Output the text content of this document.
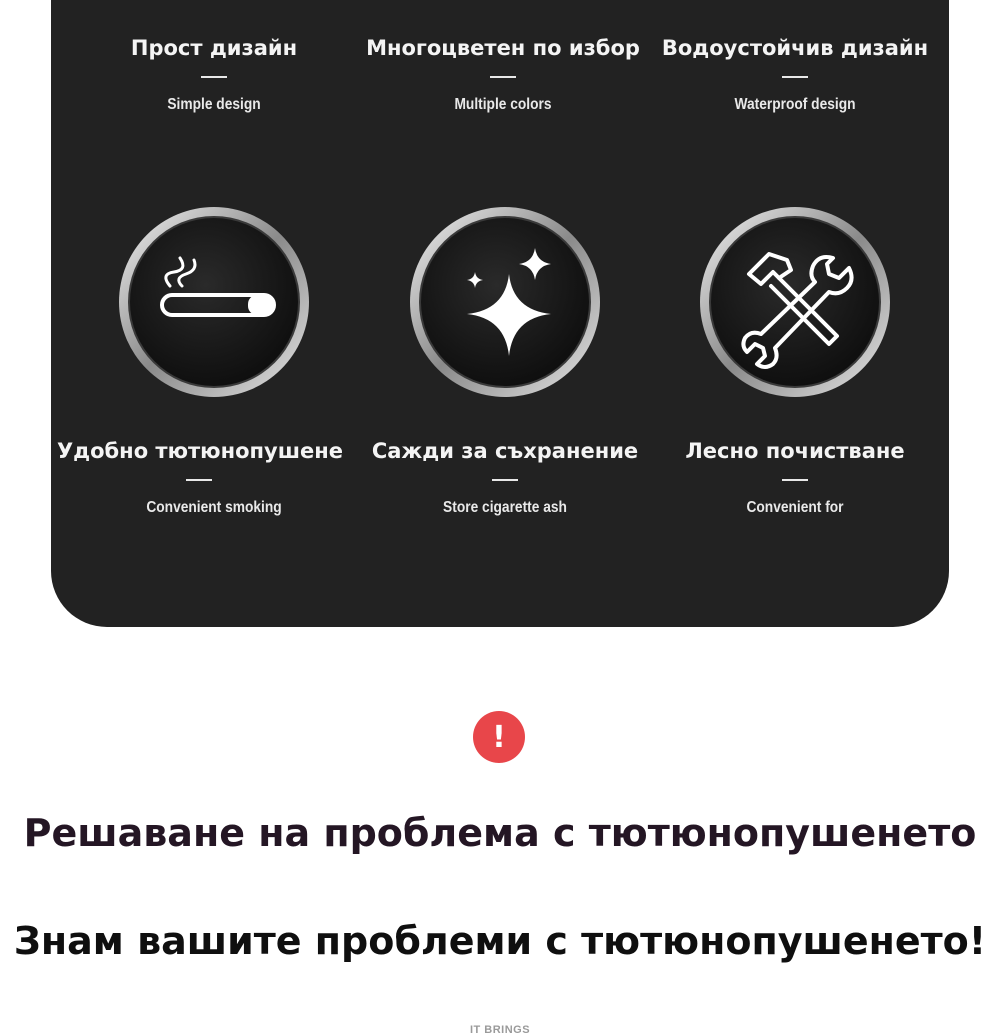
Прост дизайн
Simple design
Многоцветен по избор
Multiple colors
Водоустойчив дизайн
Waterproof design
Удобно тютюнопушене
Convenient smoking
Сажди за съхранение
Store cigarette ash
Лесно почистване
Convenient for
!
Решаване на проблема с тютюнопушенето
Знам вашите проблеми с тютюнопушенето!
IT BRINGS
